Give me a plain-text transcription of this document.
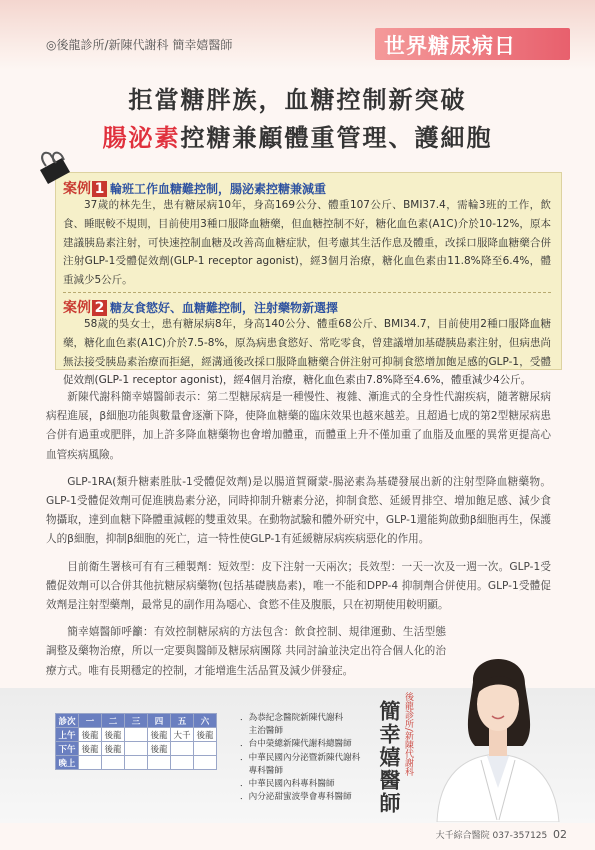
◎後龍診所/新陳代謝科 簡幸嬉醫師	世界糖尿病日
拒當糖胖族，血糖控制新突破
腸泌素控糖兼顧體重管理、護細胞
案例 1 輪班工作血糖難控制，腸泌素控糖兼減重
37歲的林先生，患有糖尿病10年，身高169公分、體重107公斤、BMI37.4，需輪3班的工作，飲食、睡眠較不規則，目前使用3種口服降血糖藥，但血糖控制不好，糖化血色素(A1C)介於10-12%，原本建議胰島素注射，可快速控制血糖及改善高血糖症狀，但考慮其生活作息及體重，改採口服降血糖藥合併注射GLP-1受體促效劑(GLP-1 receptor agonist)，經3個月治療，糖化血色素由11.8%降至6.4%，體重減少5公斤。
案例 2 糖友食慾好、血糖難控制，注射藥物新選擇
58歲的吳女士，患有糖尿病8年，身高140公分、體重68公斤、BMI34.7，目前使用2種口服降血糖藥，糖化血色素(A1C)介於7.5-8%，原為病患食慾好、常吃零食，曾建議增加基礎胰島素注射，但病患尚無法接受胰島素治療而拒絕，經溝通後改採口服降血糖藥合併注射可抑制食慾增加飽足感的GLP-1，受體促效劑(GLP-1 receptor agonist)，經4個月治療，糖化血色素由7.8%降至4.6%，體重減少4公斤。

新陳代謝科簡幸嬉醫師表示：第二型糖尿病是一種慢性、複雜、漸進式的全身性代謝疾病，隨著糖尿病病程進展，β細胞功能與數量會逐漸下降，使降血糖藥的臨床效果也越來越差。且超過七成的第2型糖尿病患合併有過重或肥胖，加上許多降血糖藥物也會增加體重，而體重上升不僅加重了血脂及血壓的異常更提高心血管疾病風險。

GLP-1RA(類升糖素胜肽-1受體促效劑)是以腸道賀爾蒙-腸泌素為基礎發展出新的注射型降血糖藥物。GLP-1受體促效劑可促進胰島素分泌，同時抑制升糖素分泌，抑制食慾、延緩胃排空、增加飽足感、減少食物攝取，達到血糖下降體重減輕的雙重效果。在動物試驗和體外研究中，GLP-1還能夠啟動β細胞再生，保護人的β細胞，抑制β細胞的死亡，這一特性使GLP-1有延緩糖尿病疾病惡化的作用。

目前衛生署核可有有三種製劑：短效型：皮下注射一天兩次；長效型：一天一次及一週一次。GLP-1受體促效劑可以合併其他抗糖尿病藥物(包括基礎胰島素)，唯一不能和DPP-4 抑制劑合併使用。GLP-1受體促效劑是注射型藥劑，最常見的副作用為噁心、食慾不佳及腹脹，只在初期使用較明顯。

簡幸嬉醫師呼籲：有效控制糖尿病的方法包含：飲食控制、規律運動、生活型態調整及藥物治療，所以一定要與醫師及糖尿病團隊 共同討論並決定出符合個人化的治療方式。唯有長期穩定的控制，才能增進生活品質及減少併發症。

診次	一	二	三	四	五	六
上午	後龍	後龍		後龍	大千	後龍
下午	後龍	後龍		後龍		
晚上						
．為恭紀念醫院新陳代謝科
　主治醫師
．台中榮總新陳代謝科總醫師
．中華民國內分泌暨新陳代謝科
　專科醫師
．中華民國內科專科醫師
．內分泌甜蜜波學會專科醫師	簡幸嬉醫師 後龍診所/新陳代謝科
大千綜合醫院 037-357125 02
